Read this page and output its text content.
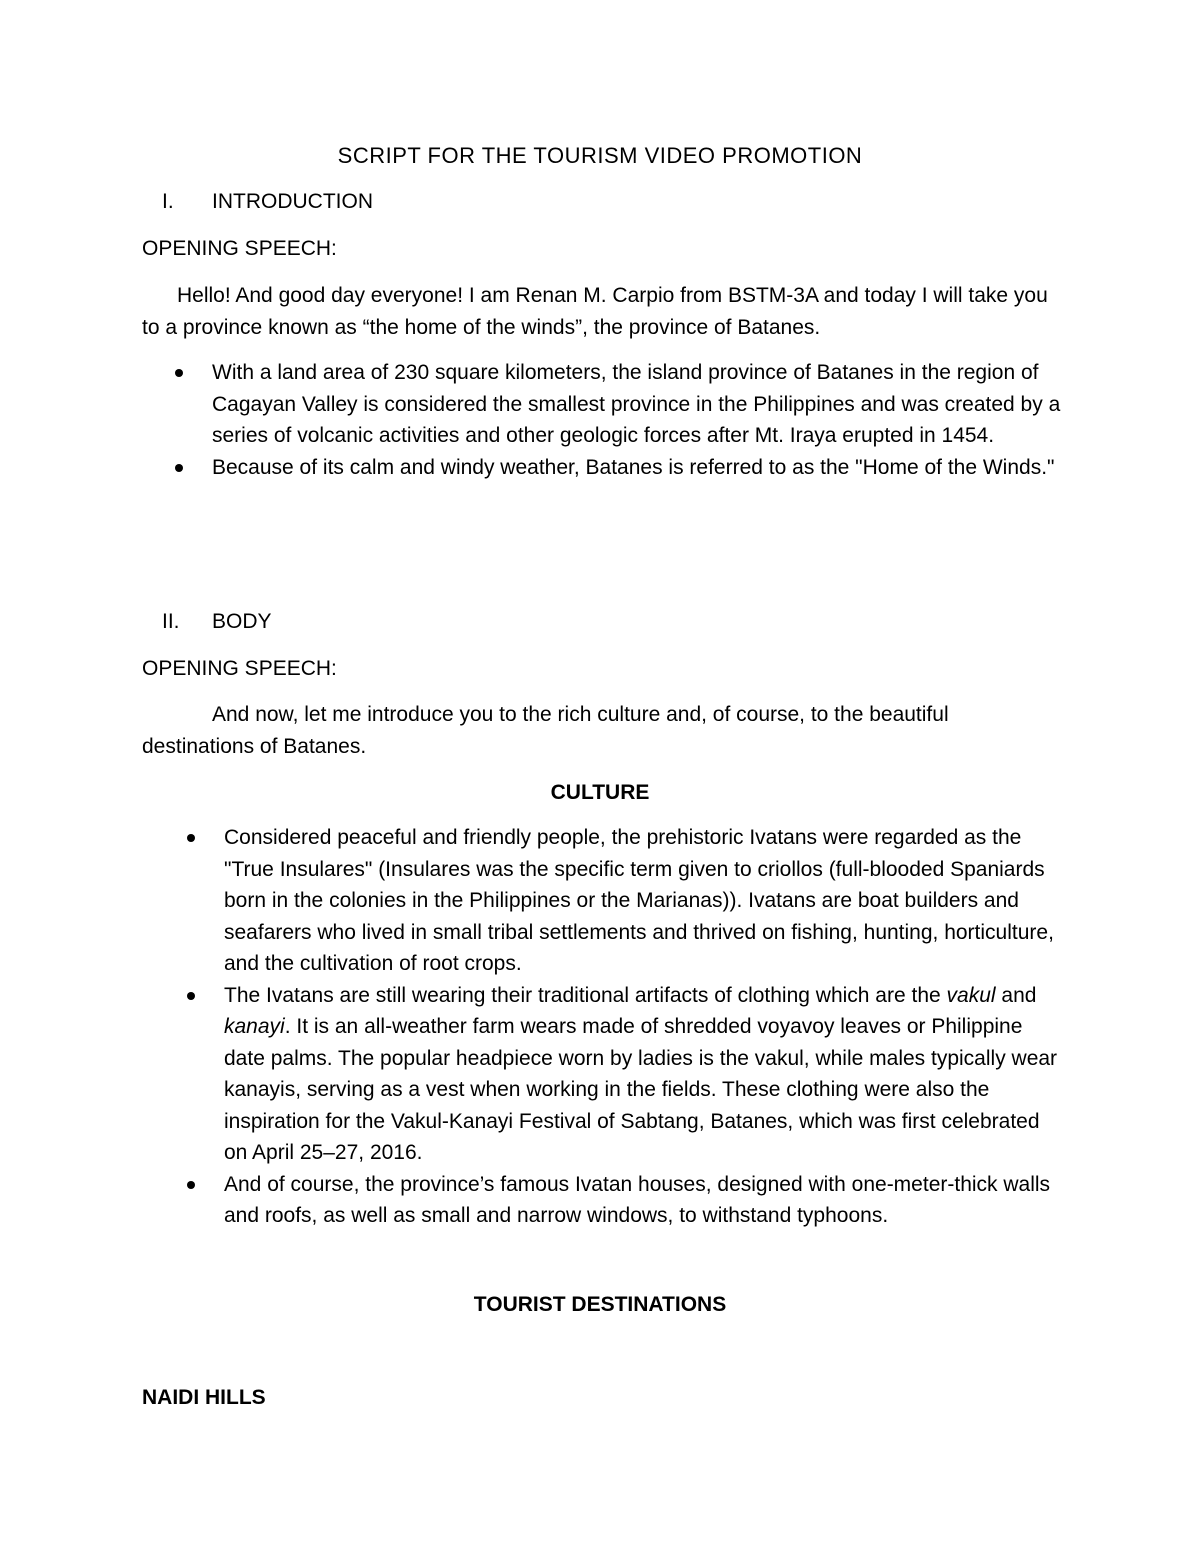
SCRIPT FOR THE TOURISM VIDEO PROMOTION
I.	INTRODUCTION
OPENING SPEECH:
Hello! And good day everyone! I am Renan M. Carpio from BSTM-3A and today I will take you to a province known as “the home of the winds”, the province of Batanes.
With a land area of 230 square kilometers, the island province of Batanes in the region of Cagayan Valley is considered the smallest province in the Philippines and was created by a series of volcanic activities and other geologic forces after Mt. Iraya erupted in 1454.
Because of its calm and windy weather, Batanes is referred to as the "Home of the Winds."
II.	BODY
OPENING SPEECH:
And now, let me introduce you to the rich culture and, of course, to the beautiful destinations of Batanes.
CULTURE
Considered peaceful and friendly people, the prehistoric Ivatans were regarded as the "True Insulares" (Insulares was the specific term given to criollos (full-blooded Spaniards born in the colonies in the Philippines or the Marianas)). Ivatans are boat builders and seafarers who lived in small tribal settlements and thrived on fishing, hunting, horticulture, and the cultivation of root crops.
The Ivatans are still wearing their traditional artifacts of clothing which are the vakul and kanayi. It is an all-weather farm wears made of shredded voyavoy leaves or Philippine date palms. The popular headpiece worn by ladies is the vakul, while males typically wear kanayis, serving as a vest when working in the fields. These clothing were also the inspiration for the Vakul-Kanayi Festival of Sabtang, Batanes, which was first celebrated on April 25–27, 2016.
And of course, the province’s famous Ivatan houses, designed with one-meter-thick walls and roofs, as well as small and narrow windows, to withstand typhoons.
TOURIST DESTINATIONS
NAIDI HILLS
